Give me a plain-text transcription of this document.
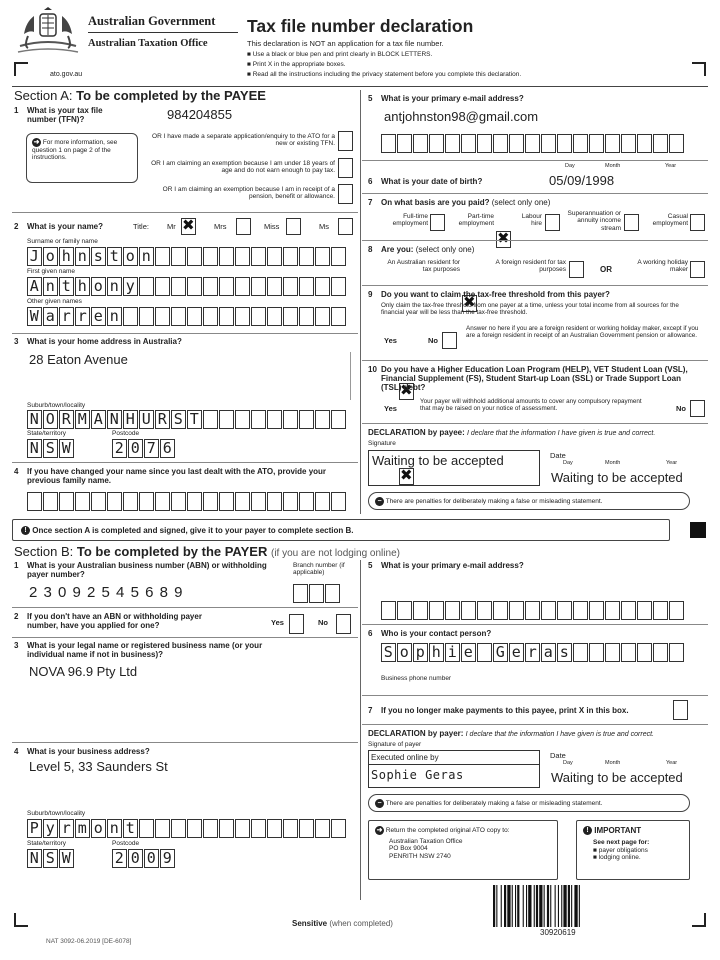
Australian Government
Australian Taxation Office
ato.gov.au
Tax file number declaration
This declaration is NOT an application for a tax file number.
■ Use a black or blue pen and print clearly in BLOCK LETTERS.
■ Print X in the appropriate boxes.
■ Read all the instructions including the privacy statement before you complete this declaration.
Section A: To be completed by the PAYEE
1 What is your tax file number (TFN)?	984204855
➜ For more information, see question 1 on page 2 of the instructions.
OR I have made a separate application/enquiry to the ATO for a new or existing TFN.
OR I am claiming an exemption because I am under 18 years of age and do not earn enough to pay tax.
OR I am claiming an exemption because I am in receipt of a pension, benefit or allowance.
2 What is your name?	Title: Mr
✖	Mrs	Miss	Ms
Surname or family name
J o h n s t o n
First given name
A n t h o n y
Other given names
W a r r e n
3 What is your home address in Australia?
28 Eaton Avenue
Suburb/town/locality
N O R M A N H U R S T
State/territory	Postcode
N S W	2 0 7 6
4 If you have changed your name since you last dealt with the ATO, provide your previous family name.
5 What is your primary e-mail address?
antjohnston98@gmail.com
Day	Month	Year
6 What is your date of birth?	05/09/1998
7 On what basis are you paid? (select only one)
Full-time employment
Part-time employment
✖
Labour hire
Superannuation or annuity income stream
Casual employment
8 Are you: (select only one)
An Australian resident for tax purposes
✖
A foreign resident for tax purposes	OR
A working holiday maker
9 Do you want to claim the tax-free threshold from this payer?
Only claim the tax-free threshold from one payer at a time, unless your total income from all sources for the financial year will be less than the tax-free threshold.
Yes
✖	No
Answer no here if you are a foreign resident or working holiday maker, except if you are a foreign resident in receipt of an Australian Government pension or allowance.
10 Do you have a Higher Education Loan Program (HELP), VET Student Loan (VSL), Financial Supplement (FS), Student Start-up Loan (SSL) or Trade Support Loan (TSL) debt?
Yes
✖
Your payer will withhold additional amounts to cover any compulsory repayment that may be raised on your notice of assessment.	No
DECLARATION by payee: I declare that the information I have given is true and correct.
Signature
Waiting to be accepted	Date
Day	Month	Year
Waiting to be accepted
− There are penalties for deliberately making a false or misleading statement.
! Once section A is completed and signed, give it to your payer to complete section B.
Section B: To be completed by the PAYER (if you are not lodging online)
1 What is your Australian business number (ABN) or withholding payer number?
Branch number (if applicable)
2 3 0 9 2 5 4 5 6 8 9
2 If you don't have an ABN or withholding payer number, have you applied for one?	Yes	No
3 What is your legal name or registered business name (or your individual name if not in business)?
NOVA 96.9 Pty Ltd
4 What is your business address?
Level 5, 33 Saunders St
Suburb/town/locality
P y r m o n t
State/territory	Postcode
N S W	2 0 0 9
5 What is your primary e-mail address?
6 Who is your contact person?
S o p h i e G e r a s
Business phone number
7 If you no longer make payments to this payee, print X in this box.
DECLARATION by payer: I declare that the information I have given is true and correct.
Signature of payer
Executed online by
Sophie Geras
Date
Day	Month	Year
Waiting to be accepted
− There are penalties for deliberately making a false or misleading statement.
➜ Return the completed original ATO copy to:
Australian Taxation Office
PO Box 9004
PENRITH NSW 2740
! IMPORTANT
See next page for:
■ payer obligations
■ lodging online.
Sensitive (when completed)
NAT 3092-06.2019 [DE-6078]
30920619
